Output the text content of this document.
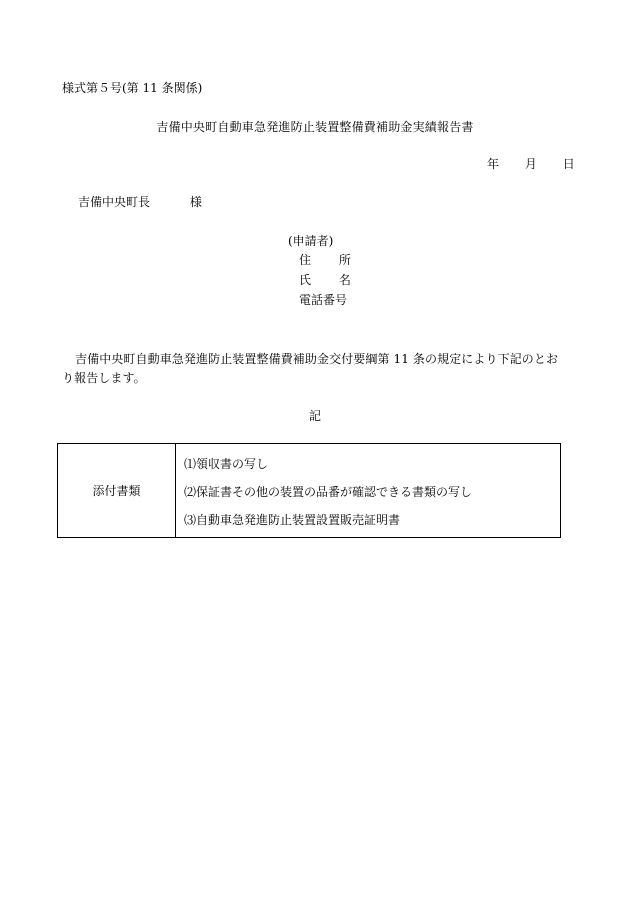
様式第５号(第 11 条関係)
吉備中央町自動車急発進防止装置整備費補助金実績報告書
年 月 日
吉備中央町長	様
(申請者)
住 所
氏 名
電話番号
吉備中央町自動車急発進防止装置整備費補助金交付要綱第 11 条の規定により下記のとおり報告します。
記
添付書類
⑴領収書の写し
⑵保証書その他の装置の品番が確認できる書類の写し
⑶自動車急発進防止装置設置販売証明書
